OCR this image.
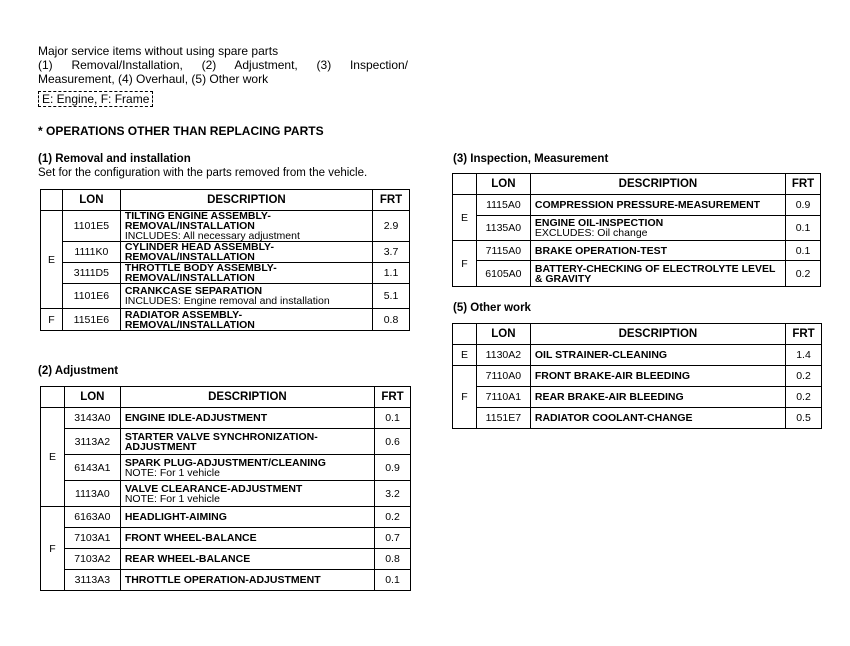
Major service items without using spare parts
(1) Removal/Installation, (2) Adjustment, (3) Inspection/
Measurement, (4) Overhaul, (5) Other work
E: Engine, F: Frame
* OPERATIONS OTHER THAN REPLACING PARTS
(1) Removal and installation
Set for the configuration with the parts removed from the vehicle.
	LON	DESCRIPTION	FRT
E	1101E5	TILTING ENGINE ASSEMBLY- REMOVAL/INSTALLATION
INCLUDES: All necessary adjustment	2.9
	1111K0	CYLINDER HEAD ASSEMBLY- REMOVAL/INSTALLATION	3.7
	3111D5	THROTTLE BODY ASSEMBLY- REMOVAL/INSTALLATION	1.1
	1101E6	CRANKCASE SEPARATION
INCLUDES: Engine removal and installation	5.1
F	1151E6	RADIATOR ASSEMBLY- REMOVAL/INSTALLATION	0.8
(2) Adjustment
	LON	DESCRIPTION	FRT
E	3143A0	ENGINE IDLE-ADJUSTMENT	0.1
	3113A2	STARTER VALVE SYNCHRONIZATION- ADJUSTMENT	0.6
	6143A1	SPARK PLUG-ADJUSTMENT/CLEANING
NOTE: For 1 vehicle	0.9
	1113A0	VALVE CLEARANCE-ADJUSTMENT
NOTE: For 1 vehicle	3.2
F	6163A0	HEADLIGHT-AIMING	0.2
	7103A1	FRONT WHEEL-BALANCE	0.7
	7103A2	REAR WHEEL-BALANCE	0.8
	3113A3	THROTTLE OPERATION-ADJUSTMENT	0.1
(3) Inspection, Measurement
	LON	DESCRIPTION	FRT
E	1115A0	COMPRESSION PRESSURE-MEASUREMENT	0.9
	1135A0	ENGINE OIL-INSPECTION
EXCLUDES: Oil change	0.1
F	7115A0	BRAKE OPERATION-TEST	0.1
	6105A0	BATTERY-CHECKING OF ELECTROLYTE LEVEL & GRAVITY	0.2
(5) Other work
	LON	DESCRIPTION	FRT
E	1130A2	OIL STRAINER-CLEANING	1.4
F	7110A0	FRONT BRAKE-AIR BLEEDING	0.2
	7110A1	REAR BRAKE-AIR BLEEDING	0.2
	1151E7	RADIATOR COOLANT-CHANGE	0.5
